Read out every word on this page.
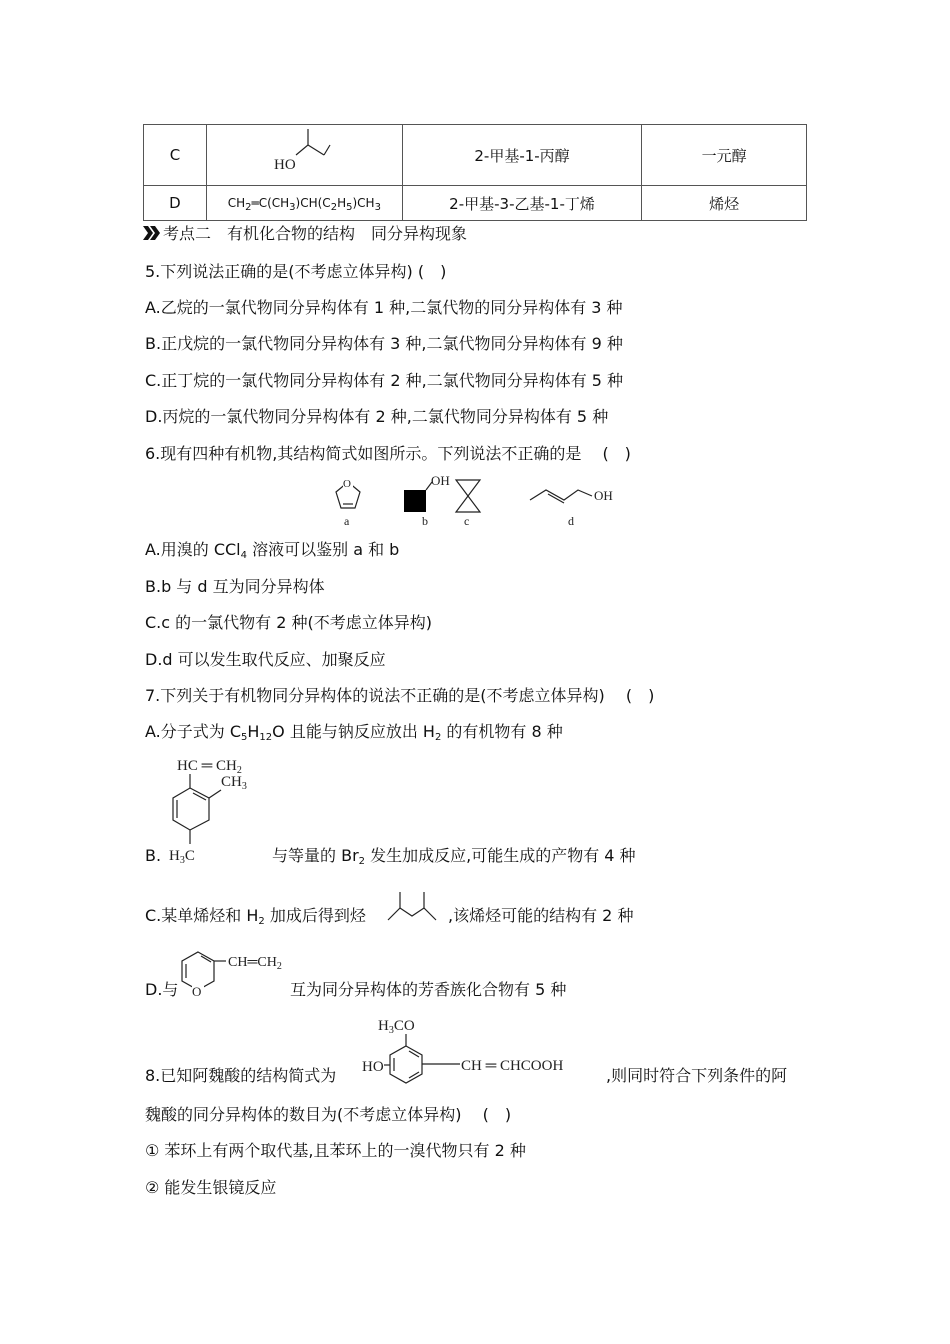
C	HO	2-甲基-1-丙醇	一元醇
D	$CH_2═C(CH_3)CH(C_2H_5)CH_3$	2-甲基-3-乙基-1-丁烯	烯烃
考点二　有机化合物的结构　同分异构现象
5.下列说法正确的是(不考虑立体异构) (　)
A.乙烷的一氯代物同分异构体有 1 种,二氯代物的同分异构体有 3 种
B.正戊烷的一氯代物同分异构体有 3 种,二氯代物同分异构体有 9 种
C.正丁烷的一氯代物同分异构体有 2 种,二氯代物同分异构体有 5 种
D.丙烷的一氯代物同分异构体有 2 种,二氯代物同分异构体有 5 种
6.现有四种有机物,其结构简式如图所示。下列说法不正确的是　 (　)
O
a
OH
b	c
OH
d
A.用溴的 CCl$_4$ 溶液可以鉴别 a 和 b
B.b 与 d 互为同分异构体
C.c 的一氯代物有 2 种(不考虑立体异构)
D.d 可以发生取代反应、加聚反应
7.下列关于有机物同分异构体的说法不正确的是(不考虑立体异构)　 (　)
A.分子式为 $C_5H_{12}O$ 且能与钠反应放出 $H_2$ 的有机物有 8 种
HC ═ $CH_2$
$CH_3$
$H_3C$
B.	与等量的 $Br_2$ 发生加成反应,可能生成的产物有 4 种
C.某单烯烃和 $H_2$ 加成后得到烃	,该烯烃可能的结构有 2 种
D.与 O
$CH═CH_2$
互为同分异构体的芳香族化合物有 5 种
8.已知阿魏酸的结构简式为
$H_3CO$
HO	CH ═ CHCOOH	,则同时符合下列条件的阿
魏酸的同分异构体的数目为(不考虑立体异构)　 (　)
① 苯环上有两个取代基,且苯环上的一溴代物只有 2 种
② 能发生银镜反应
